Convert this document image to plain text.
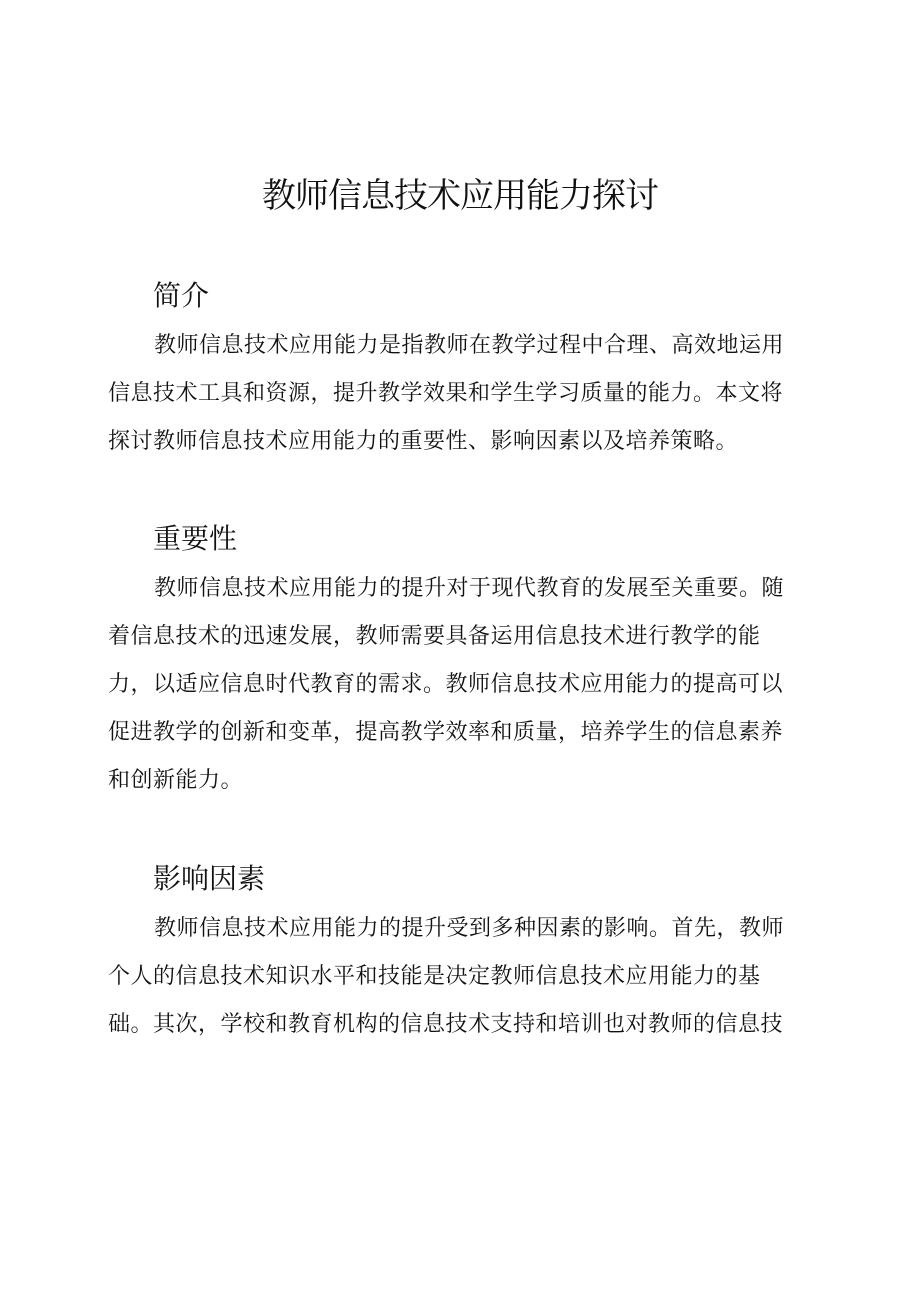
教师信息技术应用能力探讨
简介
教师信息技术应用能力是指教师在教学过程中合理、高效地运用
信息技术工具和资源，提升教学效果和学生学习质量的能力。本文将
探讨教师信息技术应用能力的重要性、影响因素以及培养策略。
重要性
教师信息技术应用能力的提升对于现代教育的发展至关重要。随
着信息技术的迅速发展，教师需要具备运用信息技术进行教学的能
力，以适应信息时代教育的需求。教师信息技术应用能力的提高可以
促进教学的创新和变革，提高教学效率和质量，培养学生的信息素养
和创新能力。
影响因素
教师信息技术应用能力的提升受到多种因素的影响。首先，教师
个人的信息技术知识水平和技能是决定教师信息技术应用能力的基
础。其次，学校和教育机构的信息技术支持和培训也对教师的信息技
